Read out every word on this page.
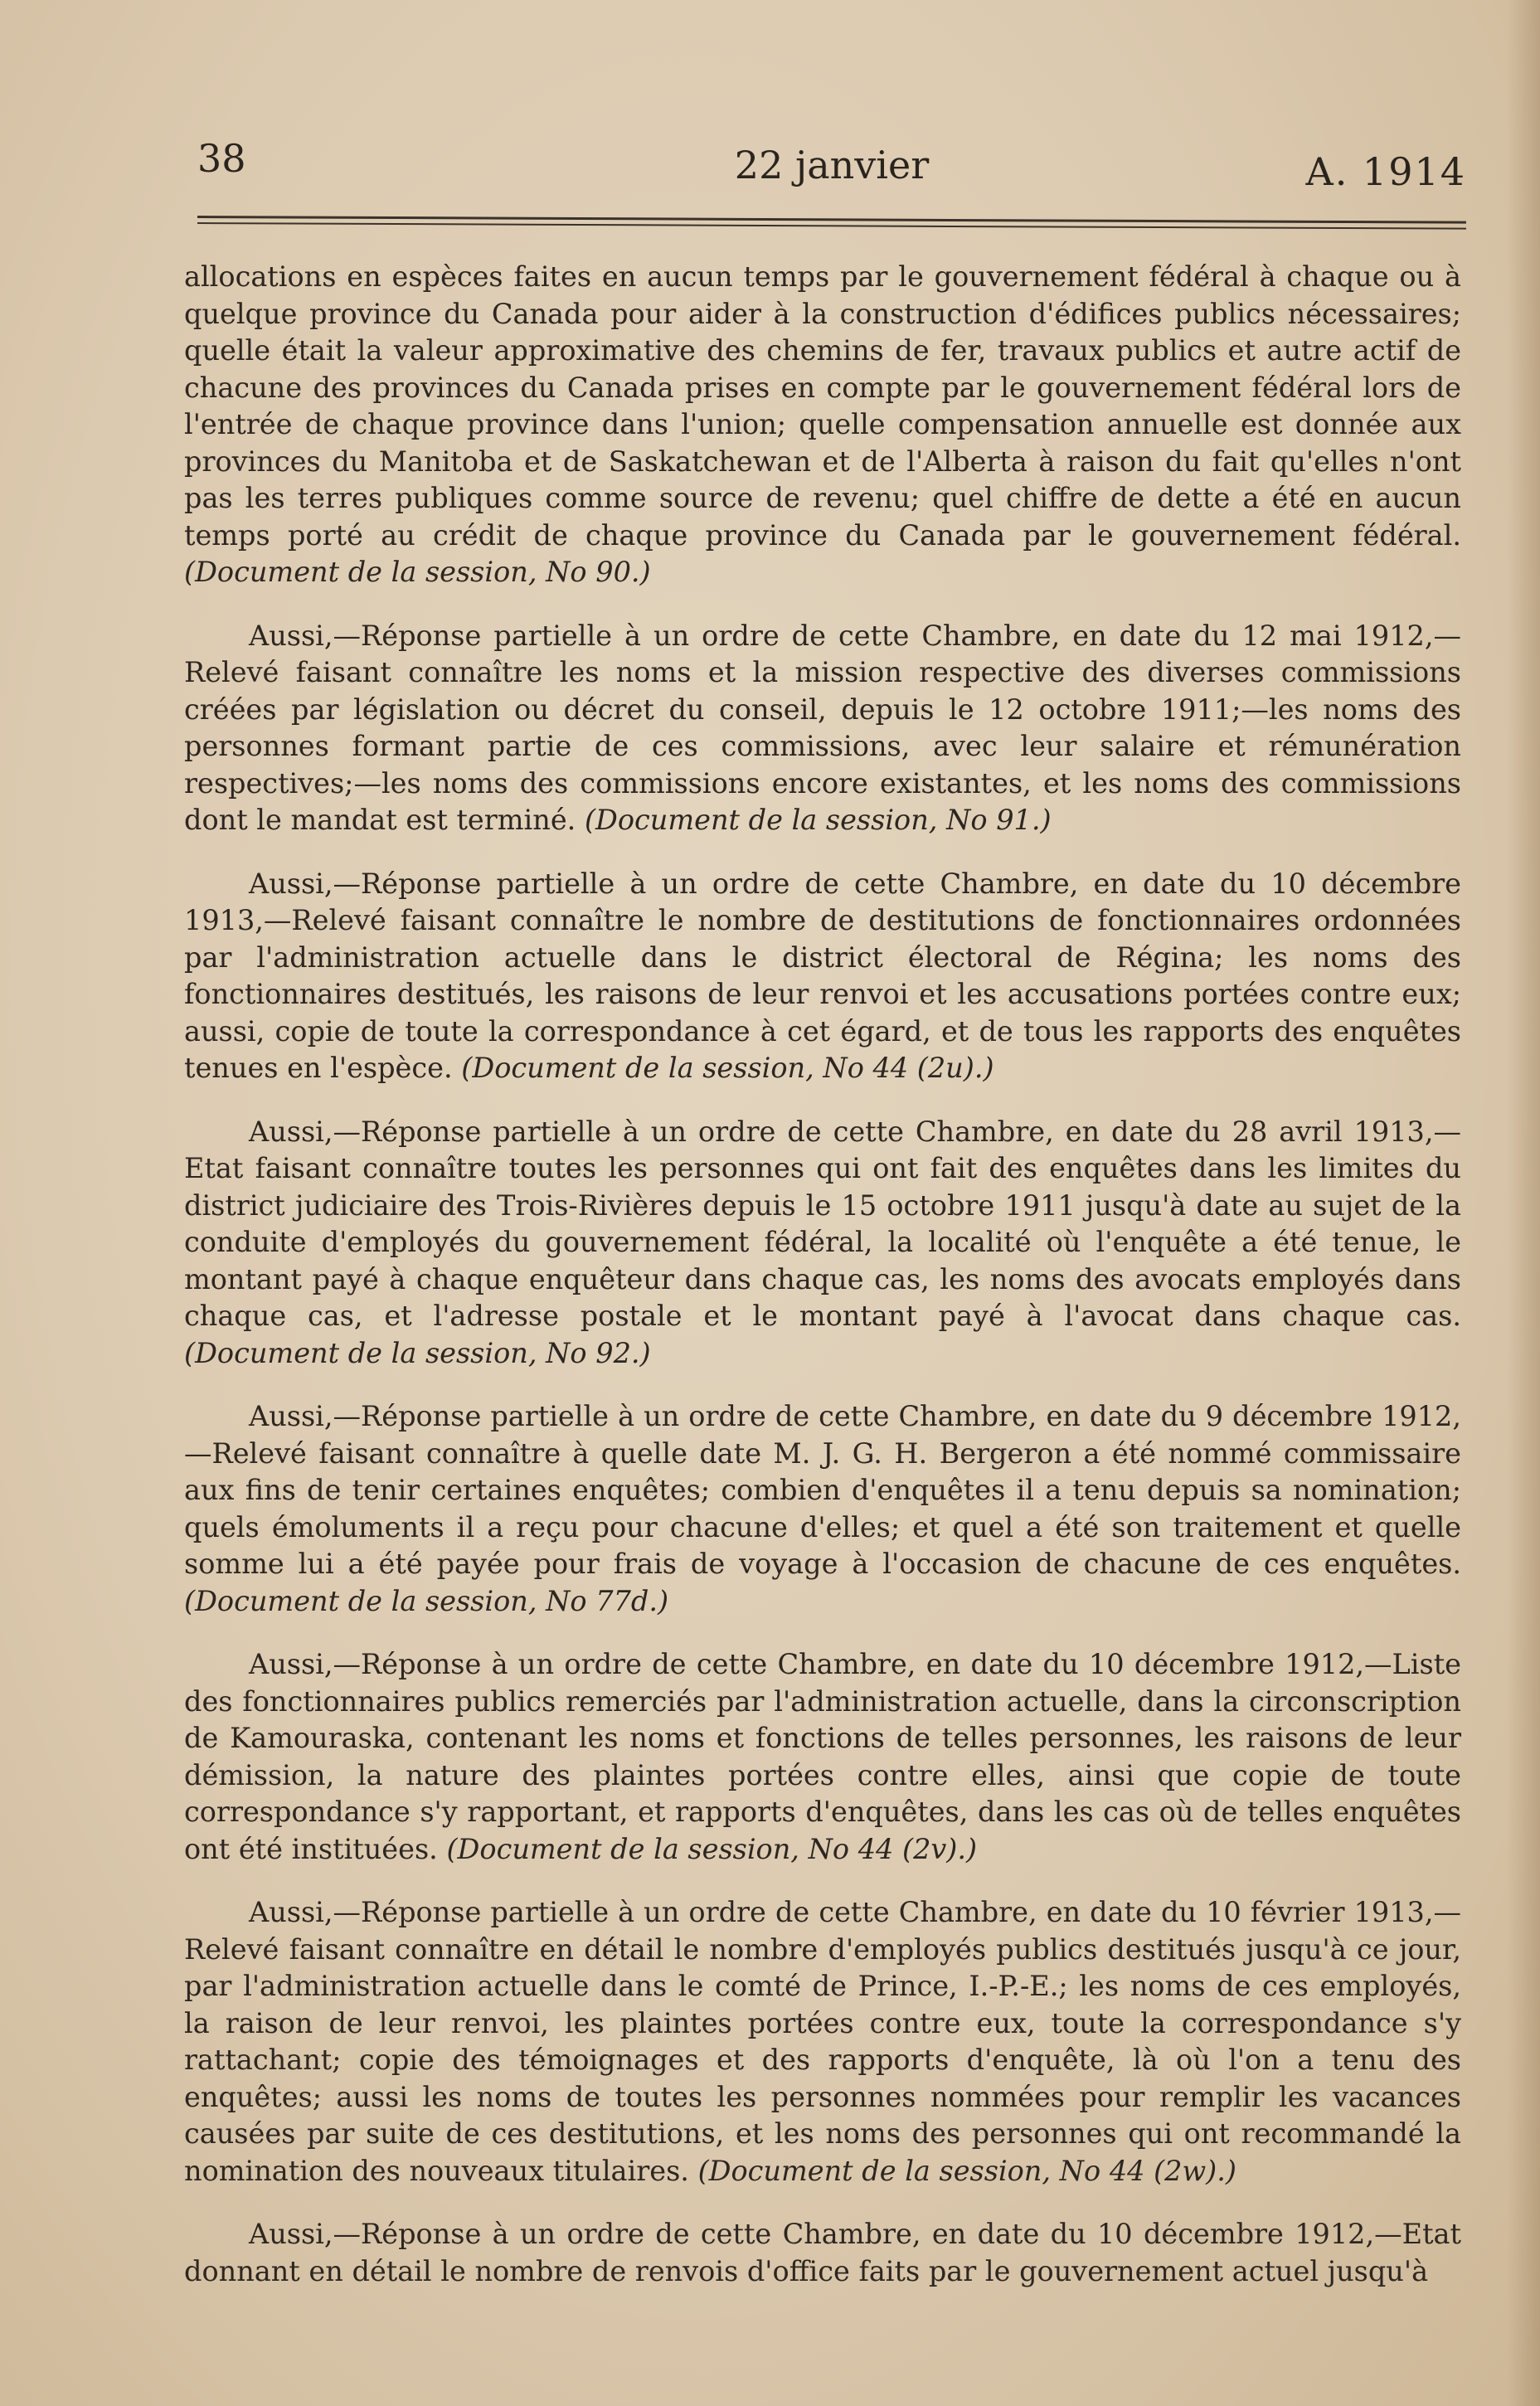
38	22 janvier	A. 1914

allocations en espèces faites en aucun temps par le gouvernement fédéral à chaque ou à quelque province du Canada pour aider à la construction d'édifices publics nécessaires; quelle était la valeur approximative des chemins de fer, travaux publics et autre actif de chacune des provinces du Canada prises en compte par le gouvernement fédéral lors de l'entrée de chaque province dans l'union; quelle compensation annuelle est donnée aux provinces du Manitoba et de Saskatchewan et de l'Alberta à raison du fait qu'elles n'ont pas les terres publiques comme source de revenu; quel chiffre de dette a été en aucun temps porté au crédit de chaque province du Canada par le gouvernement fédéral. (Document de la session, No 90.)

Aussi,—Réponse partielle à un ordre de cette Chambre, en date du 12 mai 1912,—Relevé faisant connaître les noms et la mission respective des diverses commissions créées par législation ou décret du conseil, depuis le 12 octobre 1911;—les noms des personnes formant partie de ces commissions, avec leur salaire et rémunération respectives;—les noms des commissions encore existantes, et les noms des commissions dont le mandat est terminé. (Document de la session, No 91.)

Aussi,—Réponse partielle à un ordre de cette Chambre, en date du 10 décembre 1913,—Relevé faisant connaître le nombre de destitutions de fonctionnaires ordonnées par l'administration actuelle dans le district électoral de Régina; les noms des fonctionnaires destitués, les raisons de leur renvoi et les accusations portées contre eux; aussi, copie de toute la correspondance à cet égard, et de tous les rapports des enquêtes tenues en l'espèce. (Document de la session, No 44 (2u).)

Aussi,—Réponse partielle à un ordre de cette Chambre, en date du 28 avril 1913,—Etat faisant connaître toutes les personnes qui ont fait des enquêtes dans les limites du district judiciaire des Trois-Rivières depuis le 15 octobre 1911 jusqu'à date au sujet de la conduite d'employés du gouvernement fédéral, la localité où l'enquête a été tenue, le montant payé à chaque enquêteur dans chaque cas, les noms des avocats employés dans chaque cas, et l'adresse postale et le montant payé à l'avocat dans chaque cas. (Document de la session, No 92.)

Aussi,—Réponse partielle à un ordre de cette Chambre, en date du 9 décembre 1912,—Relevé faisant connaître à quelle date M. J. G. H. Bergeron a été nommé commissaire aux fins de tenir certaines enquêtes; combien d'enquêtes il a tenu depuis sa nomination; quels émoluments il a reçu pour chacune d'elles; et quel a été son traitement et quelle somme lui a été payée pour frais de voyage à l'occasion de chacune de ces enquêtes. (Document de la session, No 77d.)

Aussi,—Réponse à un ordre de cette Chambre, en date du 10 décembre 1912,—Liste des fonctionnaires publics remerciés par l'administration actuelle, dans la circonscription de Kamouraska, contenant les noms et fonctions de telles personnes, les raisons de leur démission, la nature des plaintes portées contre elles, ainsi que copie de toute correspondance s'y rapportant, et rapports d'enquêtes, dans les cas où de telles enquêtes ont été instituées. (Document de la session, No 44 (2v).)

Aussi,—Réponse partielle à un ordre de cette Chambre, en date du 10 février 1913,—Relevé faisant connaître en détail le nombre d'employés publics destitués jusqu'à ce jour, par l'administration actuelle dans le comté de Prince, I.-P.-E.; les noms de ces employés, la raison de leur renvoi, les plaintes portées contre eux, toute la correspondance s'y rattachant; copie des témoignages et des rapports d'enquête, là où l'on a tenu des enquêtes; aussi les noms de toutes les personnes nommées pour remplir les vacances causées par suite de ces destitutions, et les noms des personnes qui ont recommandé la nomination des nouveaux titulaires. (Document de la session, No 44 (2w).)

Aussi,—Réponse à un ordre de cette Chambre, en date du 10 décembre 1912,—Etat donnant en détail le nombre de renvois d'office faits par le gouvernement actuel jusqu'à
